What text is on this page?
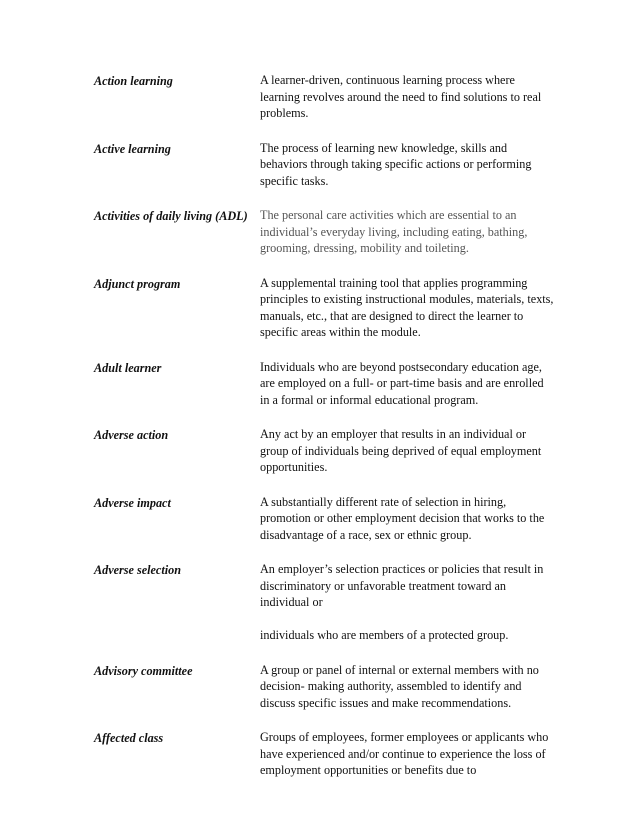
Action learning	A learner-driven, continuous learning process where learning revolves around the need to find solutions to real problems.

Active learning	The process of learning new knowledge, skills and behaviors through taking specific actions or performing specific tasks.

Activities of daily living (ADL)	The personal care activities which are essential to an individual’s everyday living, including eating, bathing, grooming, dressing, mobility and toileting.

Adjunct program	A supplemental training tool that applies programming principles to existing instructional modules, materials, texts, manuals, etc., that are designed to direct the learner to specific areas within the module.

Adult learner	Individuals who are beyond postsecondary education age, are employed on a full- or part-time basis and are enrolled in a formal or informal educational program.

Adverse action	Any act by an employer that results in an individual or group of individuals being deprived of equal employment opportunities.

Adverse impact	A substantially different rate of selection in hiring, promotion or other employment decision that works to the disadvantage of a race, sex or ethnic group.

Adverse selection	An employer’s selection practices or policies that result in discriminatory or unfavorable treatment toward an individual or

individuals who are members of a protected group.

Advisory committee	A group or panel of internal or external members with no decision- making authority, assembled to identify and discuss specific issues and make recommendations.

Affected class	Groups of employees, former employees or applicants who have experienced and/or continue to experience the loss of employment opportunities or benefits due to
